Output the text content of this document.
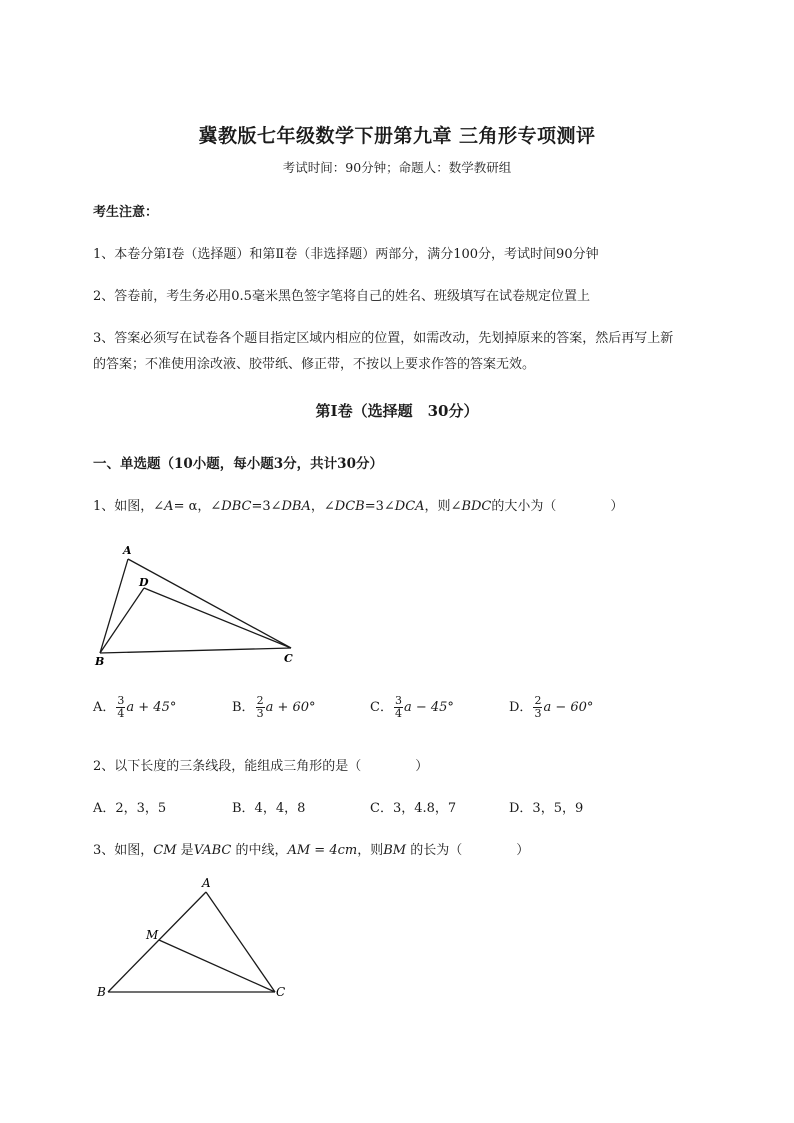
冀教版七年级数学下册第九章 三角形专项测评
考试时间：90分钟；命题人：数学教研组
考生注意：
1、本卷分第Ⅰ卷（选择题）和第Ⅱ卷（非选择题）两部分，满分100分，考试时间90分钟
2、答卷前，考生务必用0.5毫米黑色签字笔将自己的姓名、班级填写在试卷规定位置上
3、答案必须写在试卷各个题目指定区域内相应的位置，如需改动，先划掉原来的答案，然后再写上新
的答案；不准使用涂改液、胶带纸、修正带，不按以上要求作答的答案无效。
第Ⅰ卷（选择题　30分）
一、单选题（10小题，每小题3分，共计30分）
1、如图，∠A= α，∠DBC=3∠DBA，∠DCB=3∠DCA，则∠BDC的大小为（	）
A
D
B	C
A． $\frac{3}{4}$ a + 45°	B． $\frac{2}{3}$ a + 60°	C． $\frac{3}{4}$ a − 45°	D． $\frac{2}{3}$ a − 60°
2、以下长度的三条线段，能组成三角形的是（	）
A．2，3，5	B．4，4，8	C．3，4.8，7	D．3，5，9
3、如图，CM 是VABC 的中线，AM = 4cm，则BM 的长为（	）
A
M
B	C
